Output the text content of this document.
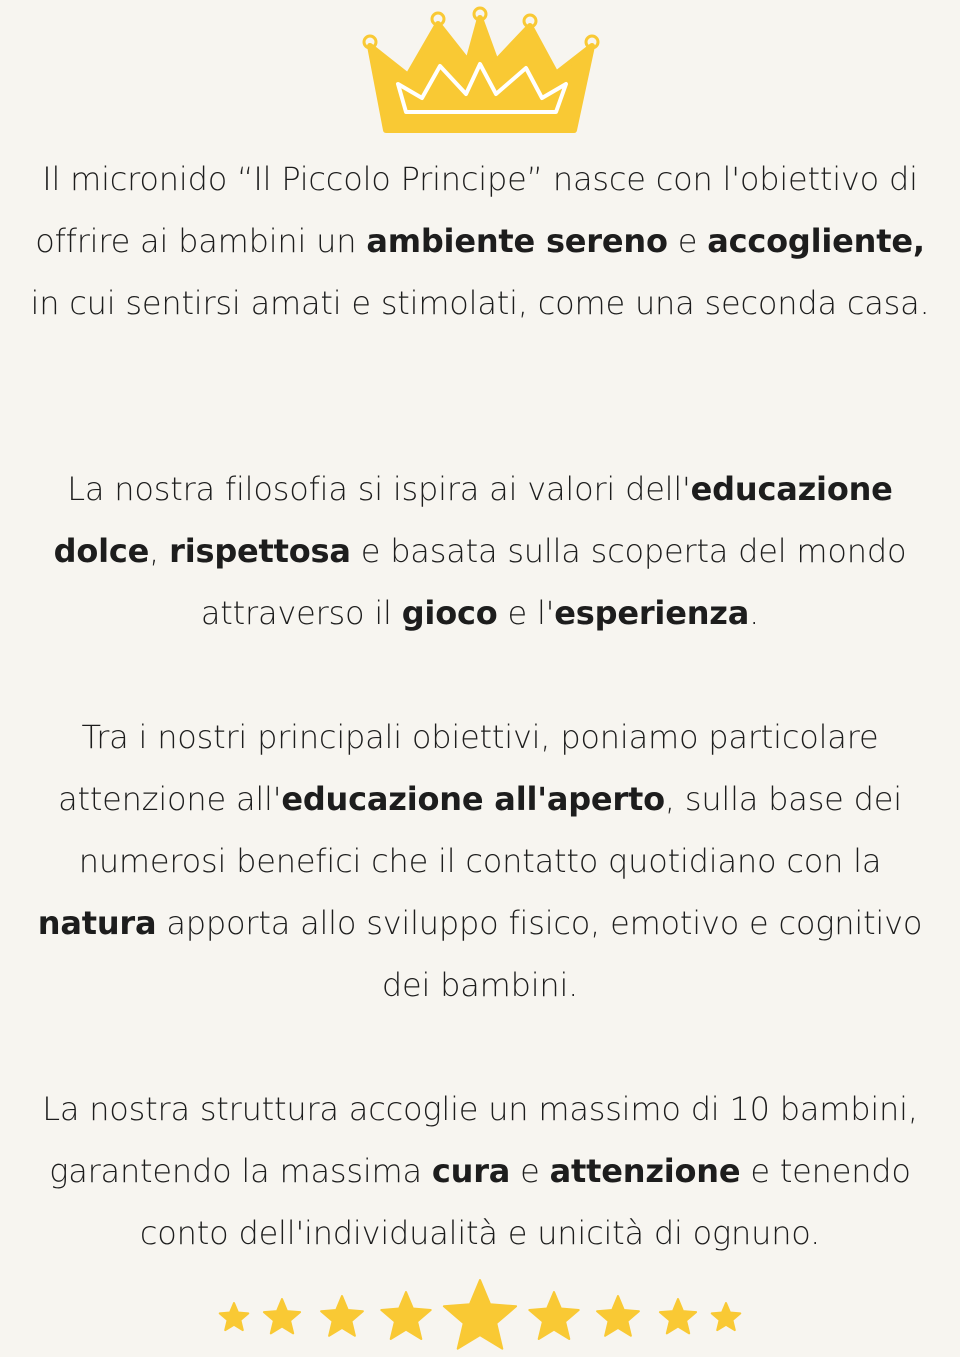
Il micronido “Il Piccolo Principe” nasce con l'obiettivo di offrire ai bambini un ambiente sereno e accogliente, in cui sentirsi amati e stimolati, come una seconda casa.
La nostra filosofia si ispira ai valori dell'educazione dolce, rispettosa e basata sulla scoperta del mondo attraverso il gioco e l'esperienza.
Tra i nostri principali obiettivi, poniamo particolare attenzione all'educazione all'aperto, sulla base dei numerosi benefici che il contatto quotidiano con la natura apporta allo sviluppo fisico, emotivo e cognitivo dei bambini.
La nostra struttura accoglie un massimo di 10 bambini, garantendo la massima cura e attenzione e tenendo conto dell'individualità e unicità di ognuno.
